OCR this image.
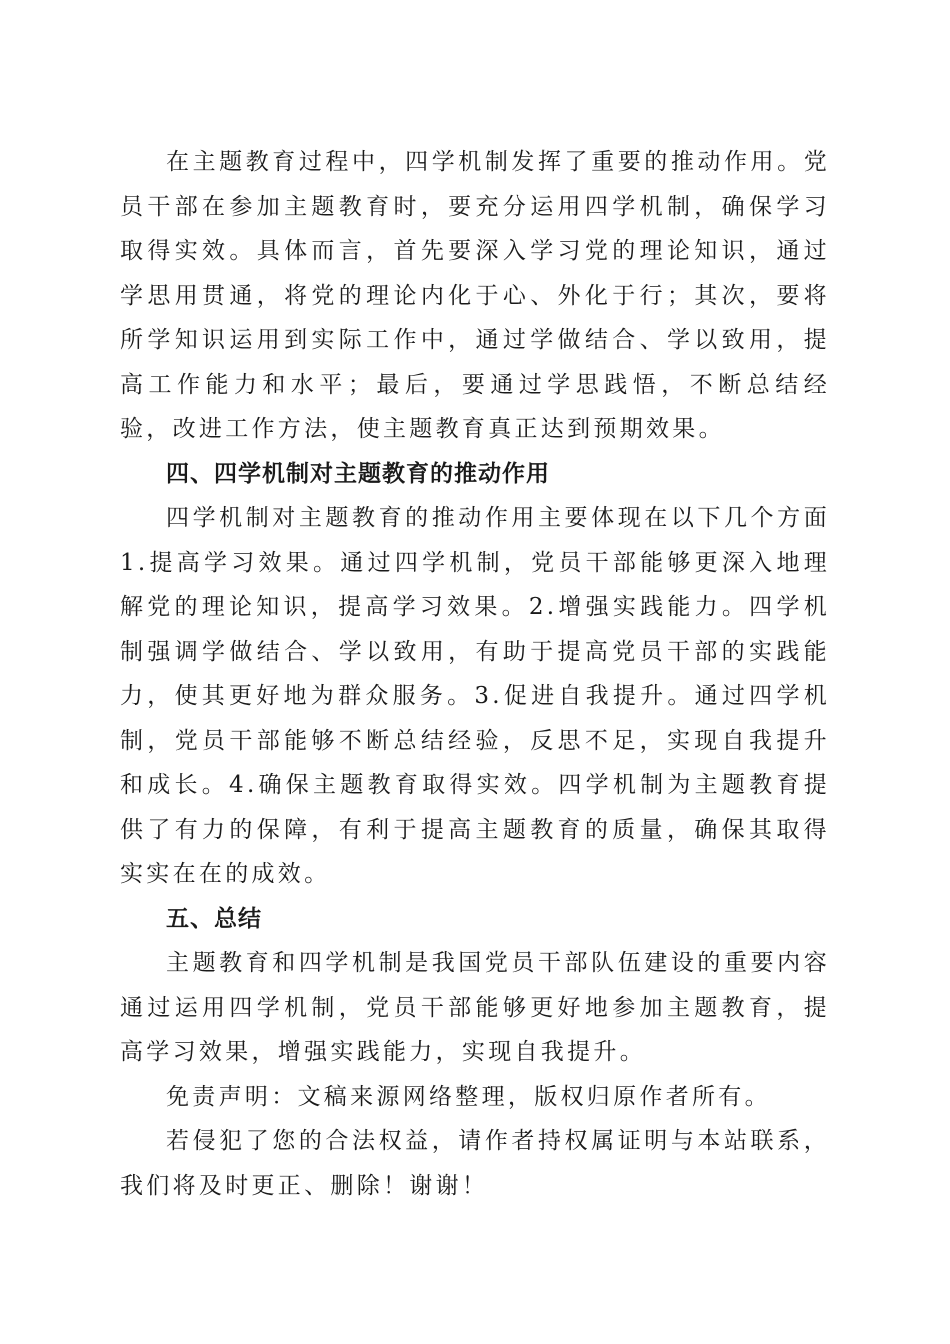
在主题教育过程中，四学机制发挥了重要的推动作用。党员干部在参加主题教育时，要充分运用四学机制，确保学习取得实效。具体而言，首先要深入学习党的理论知识，通过学思用贯通，将党的理论内化于心、外化于行；其次，要将所学知识运用到实际工作中，通过学做结合、学以致用，提高工作能力和水平；最后，要通过学思践悟，不断总结经验，改进工作方法，使主题教育真正达到预期效果。

四、四学机制对主题教育的推动作用

四学机制对主题教育的推动作用主要体现在以下几个方面1.提高学习效果。通过四学机制，党员干部能够更深入地理解党的理论知识，提高学习效果。2.增强实践能力。四学机制强调学做结合、学以致用，有助于提高党员干部的实践能力，使其更好地为群众服务。3.促进自我提升。通过四学机制，党员干部能够不断总结经验，反思不足，实现自我提升和成长。4.确保主题教育取得实效。四学机制为主题教育提供了有力的保障，有利于提高主题教育的质量，确保其取得实实在在的成效。

五、总结

主题教育和四学机制是我国党员干部队伍建设的重要内容通过运用四学机制，党员干部能够更好地参加主题教育，提高学习效果，增强实践能力，实现自我提升。

免责声明：文稿来源网络整理，版权归原作者所有。

若侵犯了您的合法权益，请作者持权属证明与本站联系，我们将及时更正、删除！谢谢！
